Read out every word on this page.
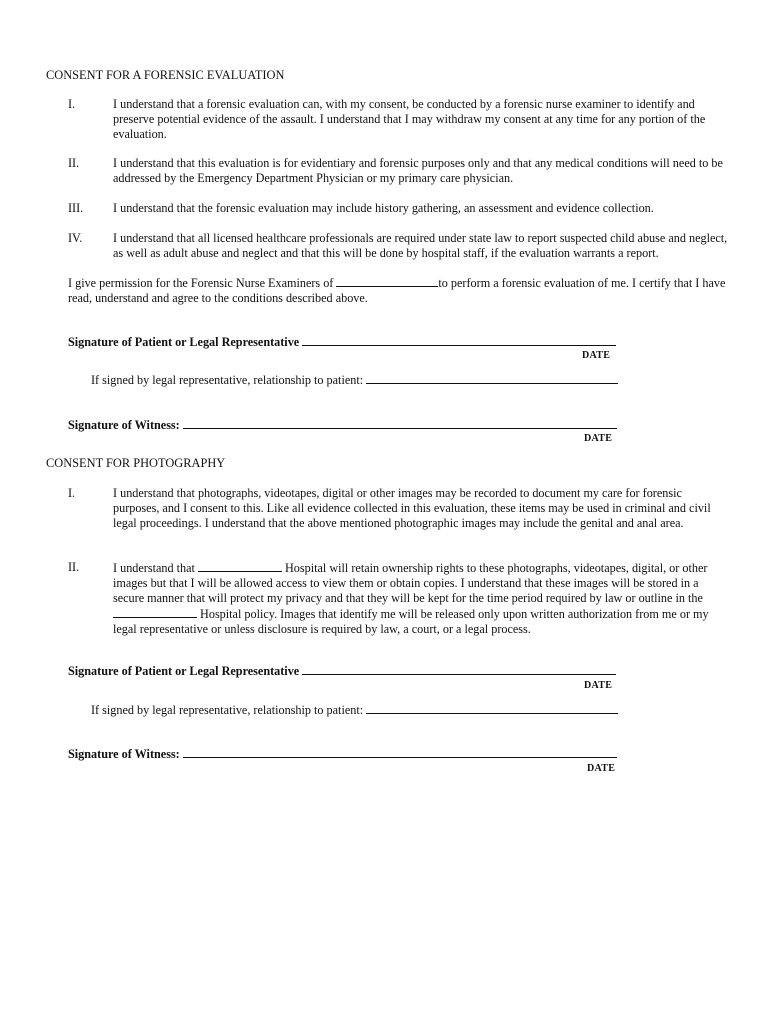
CONSENT FOR A FORENSIC EVALUATION
I.	I understand that a forensic evaluation can, with my consent, be conducted by a forensic nurse examiner to identify and preserve potential evidence of the assault. I understand that I may withdraw my consent at any time for any portion of the evaluation.
II.	I understand that this evaluation is for evidentiary and forensic purposes only and that any medical conditions will need to be addressed by the Emergency Department Physician or my primary care physician.
III.	I understand that the forensic evaluation may include history gathering, an assessment and evidence collection.
IV.	I understand that all licensed healthcare professionals are required under state law to report suspected child abuse and neglect, as well as adult abuse and neglect and that this will be done by hospital staff, if the evaluation warrants a report.
I give permission for the Forensic Nurse Examiners of	to perform a forensic evaluation of me. I certify that I have read, understand and agree to the conditions described above.
Signature of Patient or Legal Representative
DATE
If signed by legal representative, relationship to patient:
Signature of Witness:
DATE
CONSENT FOR PHOTOGRAPHY
I.	I understand that photographs, videotapes, digital or other images may be recorded to document my care for forensic purposes, and I consent to this. Like all evidence collected in this evaluation, these items may be used in criminal and civil legal proceedings. I understand that the above mentioned photographic images may include the genital and anal area.
II.	I understand that	Hospital will retain ownership rights to these photographs, videotapes, digital, or other images but that I will be allowed access to view them or obtain copies. I understand that these images will be stored in a secure manner that will protect my privacy and that they will be kept for the time period required by law or outline in the  Hospital policy. Images that identify me will be released only upon written authorization from me or my legal representative or unless disclosure is required by law, a court, or a legal process.
Signature of Patient or Legal Representative
DATE
If signed by legal representative, relationship to patient:
Signature of Witness:
DATE
